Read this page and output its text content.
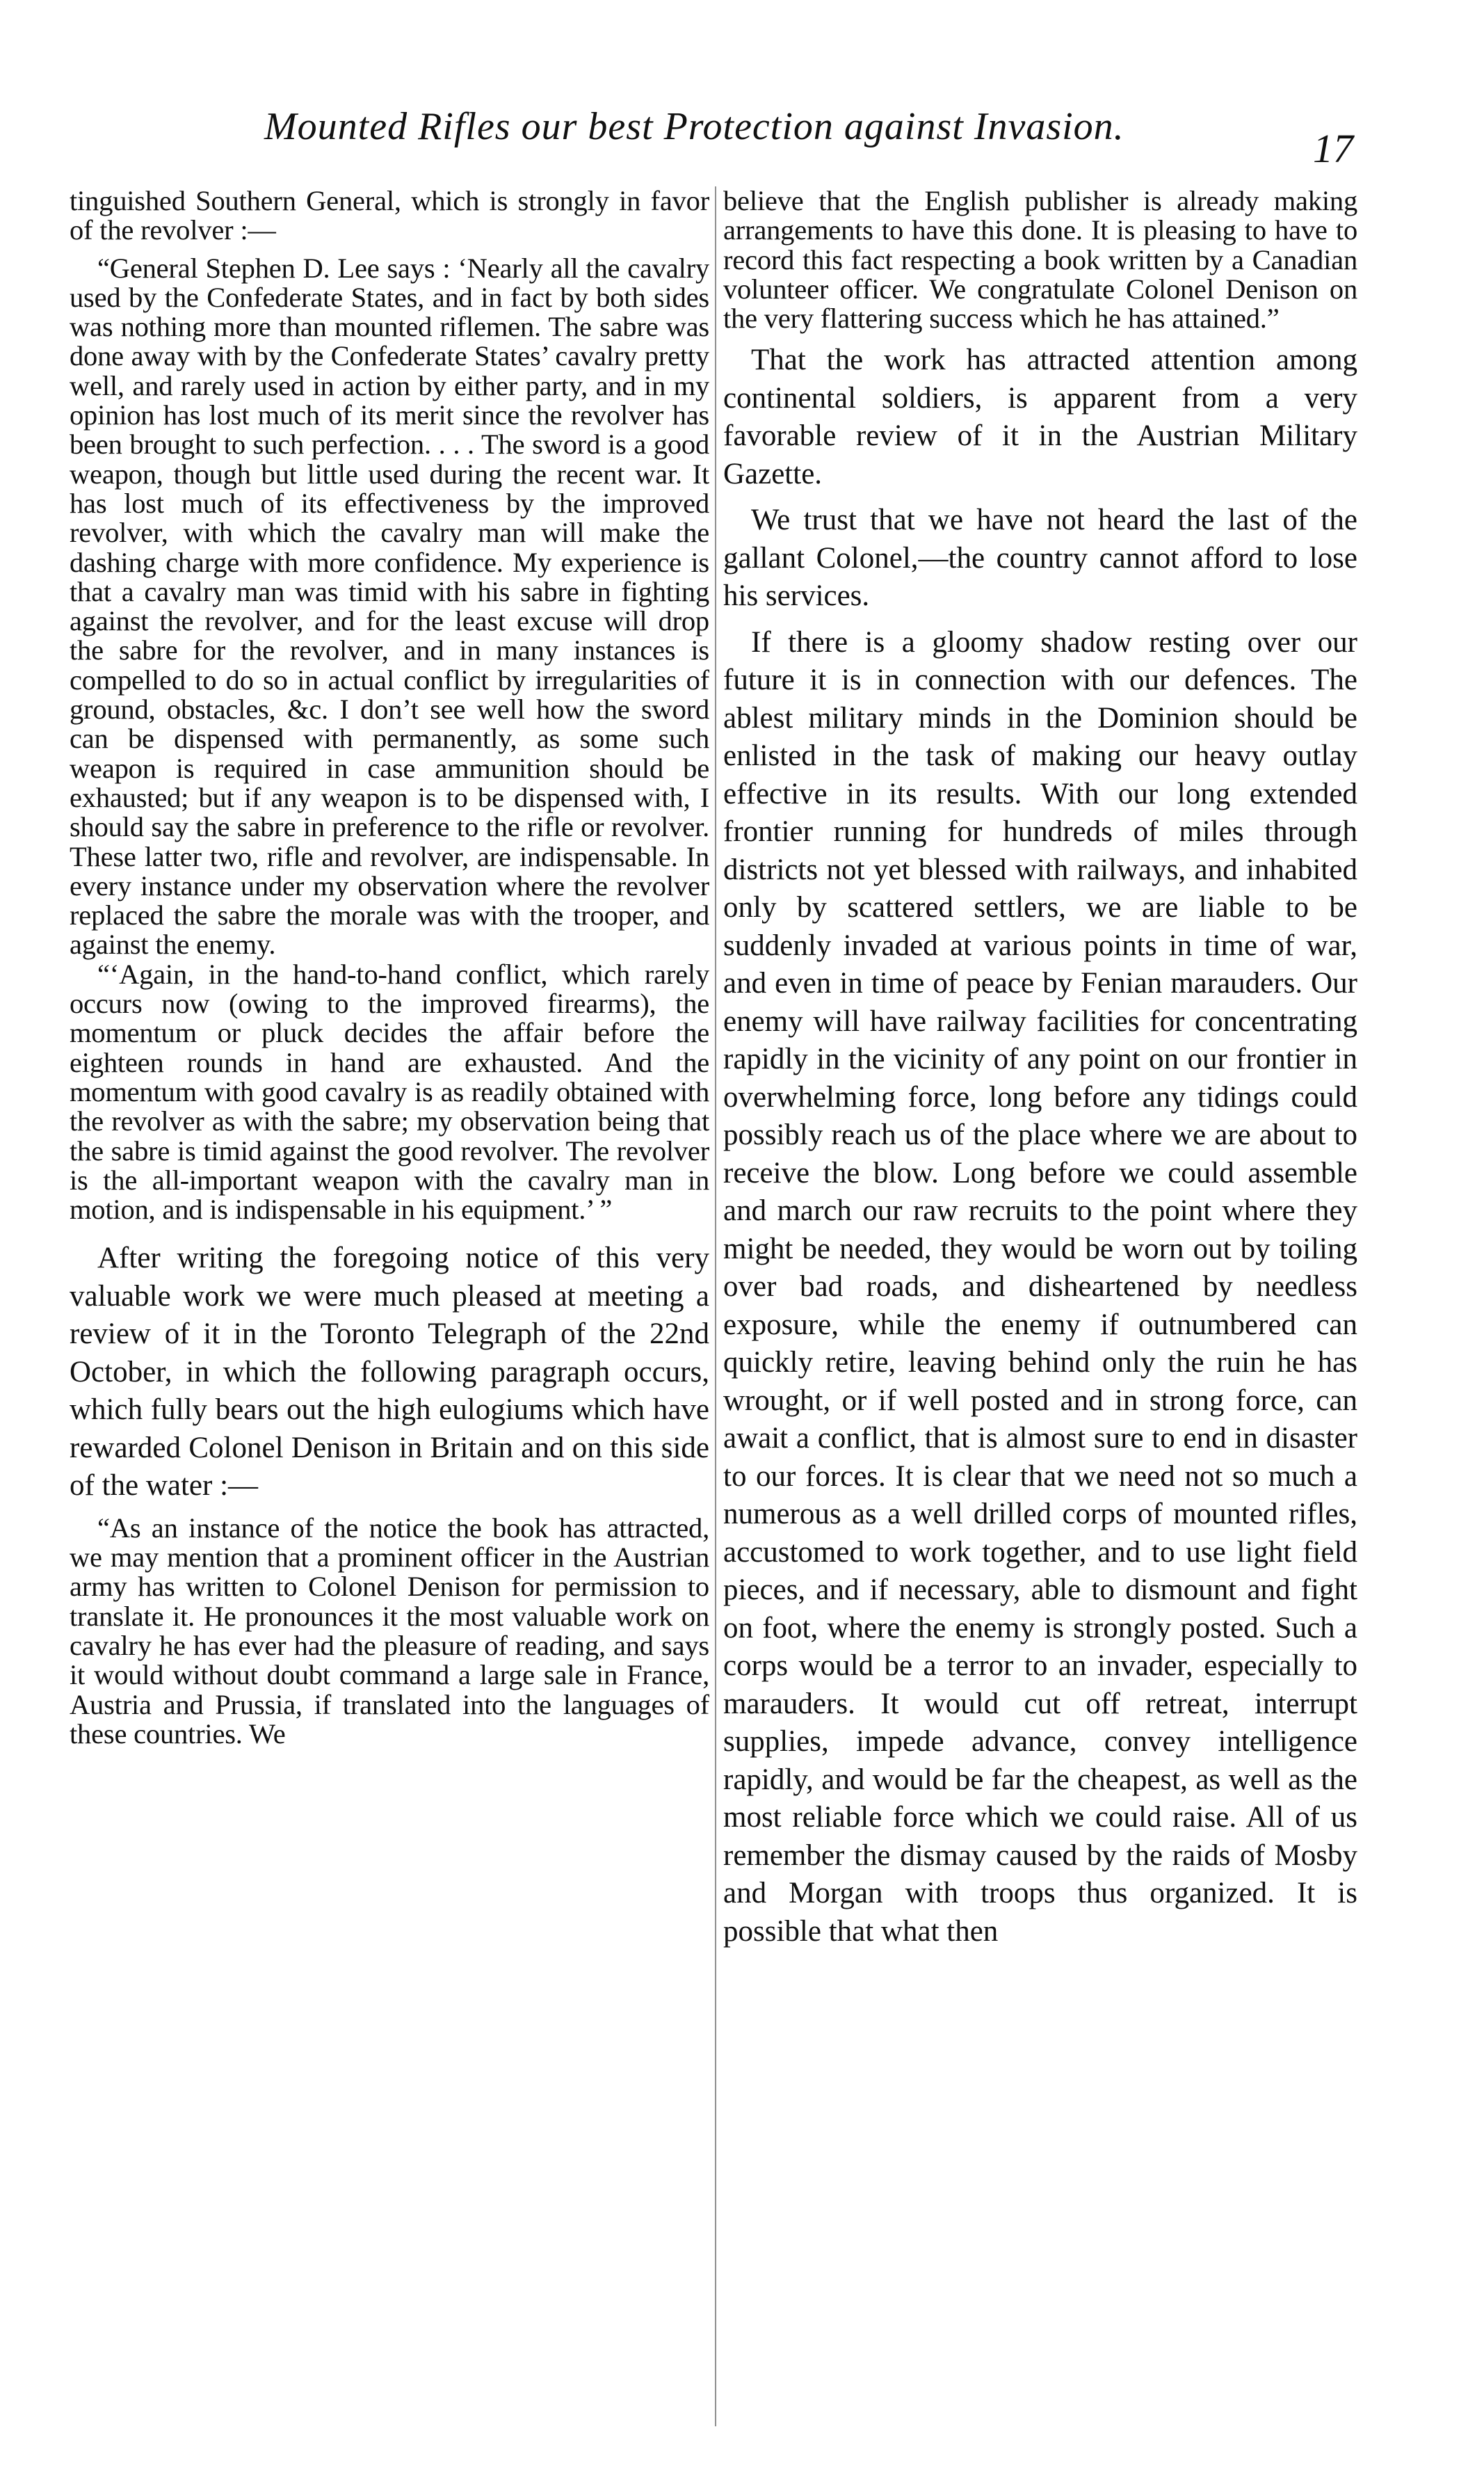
Mounted Rifles our best Protection against Invasion.	17

tinguished Southern General, which is strongly in favor of the revolver :—

“General Stephen D. Lee says : ‘Nearly all the cavalry used by the Confederate States, and in fact by both sides was nothing more than mounted riflemen. The sabre was done away with by the Confederate States’ cavalry pretty well, and rarely used in action by either party, and in my opinion has lost much of its merit since the revolver has been brought to such perfection. . . . The sword is a good weapon, though but little used during the recent war. It has lost much of its effectiveness by the improved revolver, with which the cavalry man will make the dashing charge with more confidence. My experience is that a cavalry man was timid with his sabre in fighting against the revolver, and for the least excuse will drop the sabre for the revolver, and in many instances is compelled to do so in actual conflict by irregularities of ground, obstacles, &c. I don’t see well how the sword can be dispensed with permanently, as some such weapon is required in case ammunition should be exhausted; but if any weapon is to be dispensed with, I should say the sabre in preference to the rifle or revolver. These latter two, rifle and revolver, are indispensable. In every instance under my observation where the revolver replaced the sabre the morale was with the trooper, and against the enemy.

“‘Again, in the hand-to-hand conflict, which rarely occurs now (owing to the improved firearms), the momentum or pluck decides the affair before the eighteen rounds in hand are exhausted. And the momentum with good cavalry is as readily obtained with the revolver as with the sabre; my observation being that the sabre is timid against the good revolver. The revolver is the all-important weapon with the cavalry man in motion, and is indispensable in his equipment.’ ”

After writing the foregoing notice of this very valuable work we were much pleased at meeting a review of it in the Toronto Telegraph of the 22nd October, in which the following paragraph occurs, which fully bears out the high eulogiums which have rewarded Colonel Denison in Britain and on this side of the water :—

“As an instance of the notice the book has attracted, we may mention that a prominent officer in the Austrian army has written to Colonel Denison for permission to translate it. He pronounces it the most valuable work on cavalry he has ever had the pleasure of reading, and says it would without doubt command a large sale in France, Austria and Prussia, if translated into the languages of these countries. We

believe that the English publisher is already making arrangements to have this done. It is pleasing to have to record this fact respecting a book written by a Canadian volunteer officer. We congratulate Colonel Denison on the very flattering success which he has attained.”

That the work has attracted attention among continental soldiers, is apparent from a very favorable review of it in the Austrian Military Gazette.

We trust that we have not heard the last of the gallant Colonel,—the country cannot afford to lose his services.

If there is a gloomy shadow resting over our future it is in connection with our defences. The ablest military minds in the Dominion should be enlisted in the task of making our heavy outlay effective in its results. With our long extended frontier running for hundreds of miles through districts not yet blessed with railways, and inhabited only by scattered settlers, we are liable to be suddenly invaded at various points in time of war, and even in time of peace by Fenian marauders. Our enemy will have railway facilities for concentrating rapidly in the vicinity of any point on our frontier in overwhelming force, long before any tidings could possibly reach us of the place where we are about to receive the blow. Long before we could assemble and march our raw recruits to the point where they might be needed, they would be worn out by toiling over bad roads, and disheartened by needless exposure, while the enemy if outnumbered can quickly retire, leaving behind only the ruin he has wrought, or if well posted and in strong force, can await a conflict, that is almost sure to end in disaster to our forces. It is clear that we need not so much a numerous as a well drilled corps of mounted rifles, accustomed to work together, and to use light field pieces, and if necessary, able to dismount and fight on foot, where the enemy is strongly posted. Such a corps would be a terror to an invader, especially to marauders. It would cut off retreat, interrupt supplies, impede advance, convey intelligence rapidly, and would be far the cheapest, as well as the most reliable force which we could raise. All of us remember the dismay caused by the raids of Mosby and Morgan with troops thus organized. It is possible that what then
